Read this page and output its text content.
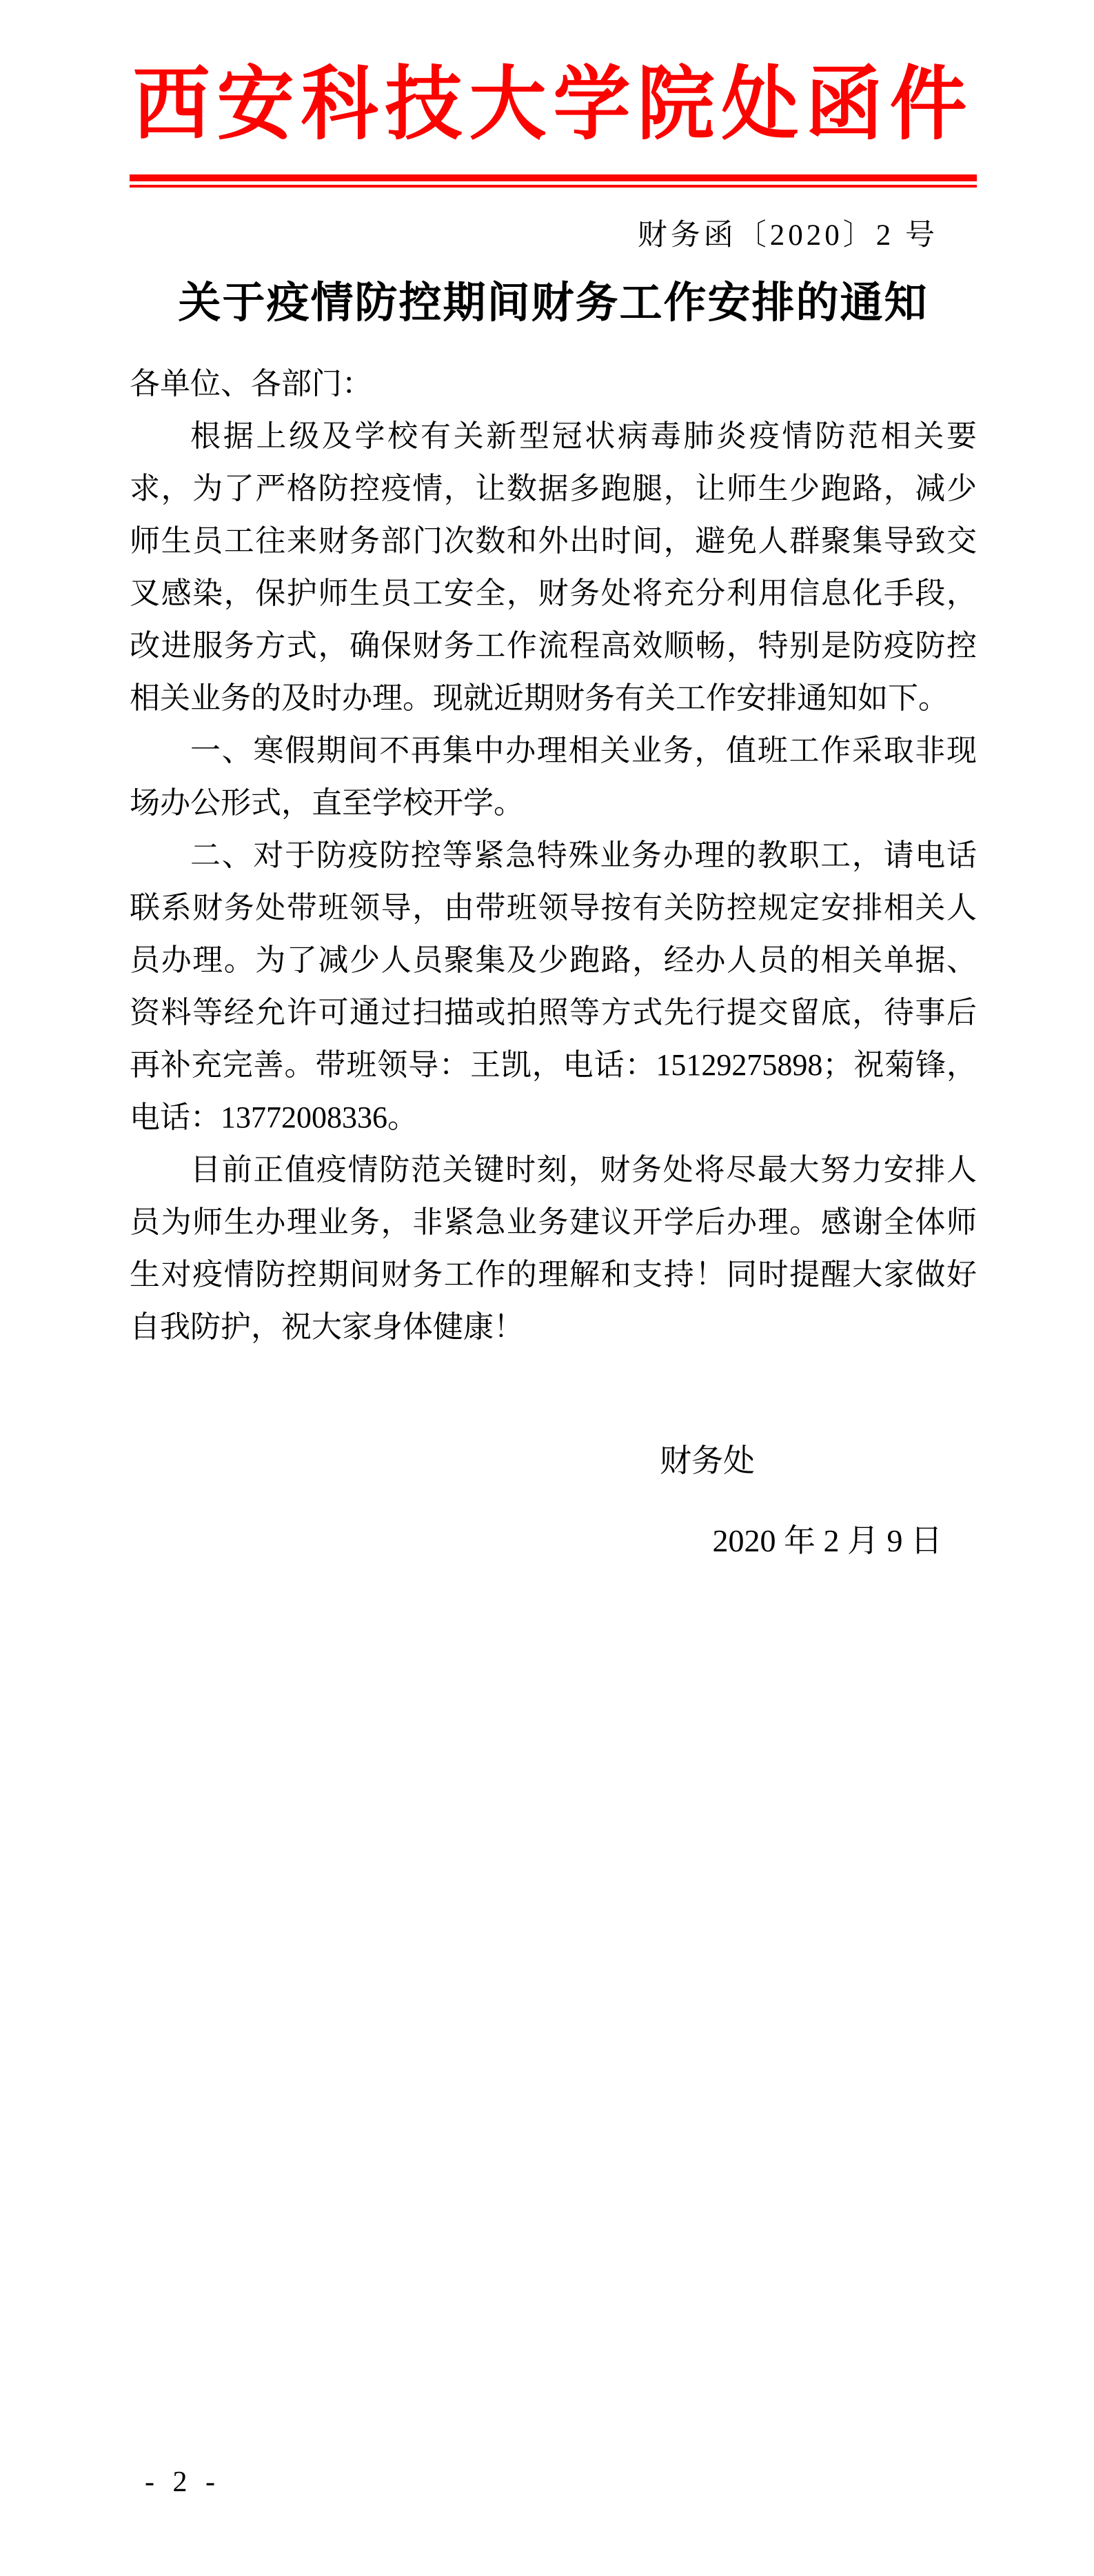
西安科技大学院处函件
财务函〔2020〕2 号
关于疫情防控期间财务工作安排的通知

各单位、各部门：

根据上级及学校有关新型冠状病毒肺炎疫情防范相关要求，为了严格防控疫情，让数据多跑腿，让师生少跑路，减少师生员工往来财务部门次数和外出时间，避免人群聚集导致交叉感染，保护师生员工安全，财务处将充分利用信息化手段，改进服务方式，确保财务工作流程高效顺畅，特别是防疫防控相关业务的及时办理。现就近期财务有关工作安排通知如下。

一、寒假期间不再集中办理相关业务，值班工作采取非现场办公形式，直至学校开学。

二、对于防疫防控等紧急特殊业务办理的教职工，请电话联系财务处带班领导，由带班领导按有关防控规定安排相关人员办理。为了减少人员聚集及少跑路，经办人员的相关单据、资料等经允许可通过扫描或拍照等方式先行提交留底，待事后再补充完善。带班领导：王凯，电话：15129275898；祝菊锋，电话：13772008336。

目前正值疫情防范关键时刻，财务处将尽最大努力安排人员为师生办理业务，非紧急业务建议开学后办理。感谢全体师生对疫情防控期间财务工作的理解和支持！同时提醒大家做好自我防护，祝大家身体健康！

财务处

2020 年 2 月 9 日

- 2 -
